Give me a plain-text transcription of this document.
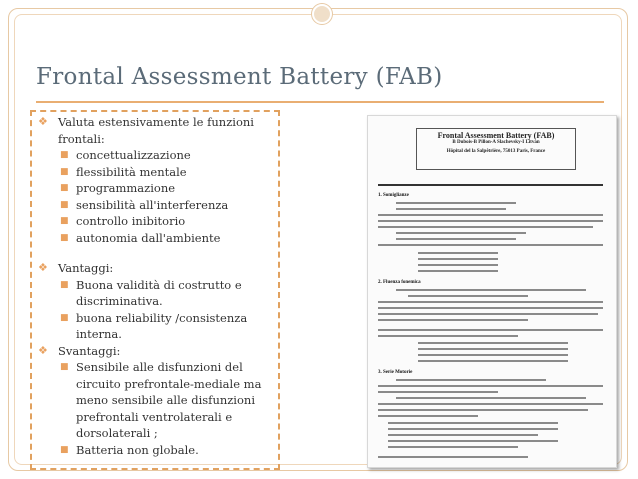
Frontal Assessment Battery (FAB)
❖ Valuta estensivamente le funzioni frontali:
■ concettualizzazione
■ flessibilità mentale
■ programmazione
■ sensibilità all'interferenza
■ controllo inibitorio
■ autonomia dall'ambiente
❖ Vantaggi:
■ Buona validità di costrutto e discriminativa.
■ buona reliability /consistenza interna.
❖ Svantaggi:
■ Sensibile alle disfunzioni del circuito prefrontale-mediale ma meno sensibile alle disfunzioni prefrontali ventrolaterali e dorsolaterali ;
■ Batteria non globale.
Frontal Assessment Battery (FAB)
B Dubois-B Pillon-A Slachevsky-I Litvan
Hôpital del la Salpêtrière, 75013 Paris, France
1. Somiglianze
2. Fluenza fonemica
3. Serie Motorie
